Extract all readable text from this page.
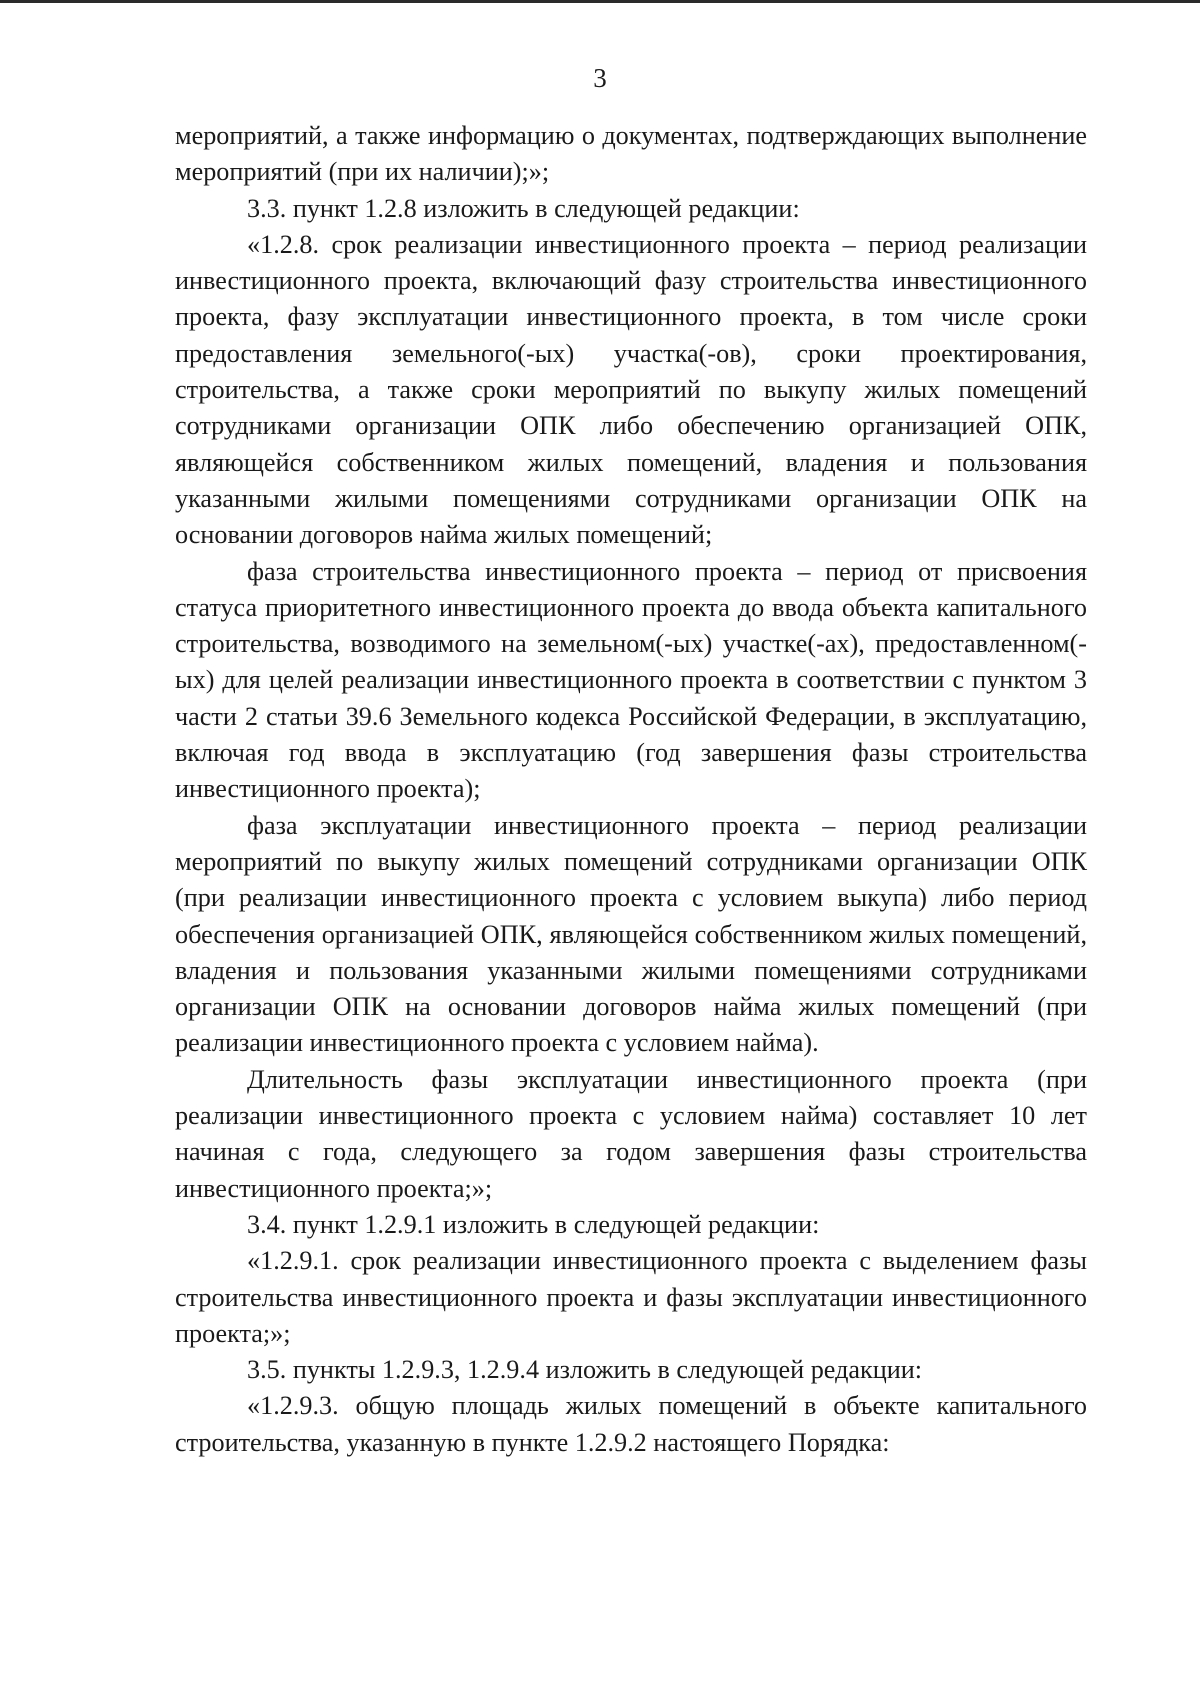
3

мероприятий, а также информацию о документах, подтверждающих выполнение мероприятий (при их наличии);»;

3.3. пункт 1.2.8 изложить в следующей редакции:

«1.2.8. срок реализации инвестиционного проекта – период реализации инвестиционного проекта, включающий фазу строительства инвестиционного проекта, фазу эксплуатации инвестиционного проекта, в том числе сроки предоставления земельного(-ых) участка(-ов), сроки проектирования, строительства, а также сроки мероприятий по выкупу жилых помещений сотрудниками организации ОПК либо обеспечению организацией ОПК, являющейся собственником жилых помещений, владения и пользования указанными жилыми помещениями сотрудниками организации ОПК на основании договоров найма жилых помещений;

фаза строительства инвестиционного проекта – период от присвоения статуса приоритетного инвестиционного проекта до ввода объекта капитального строительства, возводимого на земельном(-ых) участке(-ах), предоставленном(-ых) для целей реализации инвестиционного проекта в соответствии с пунктом 3 части 2 статьи 39.6 Земельного кодекса Российской Федерации, в эксплуатацию, включая год ввода в эксплуатацию (год завершения фазы строительства инвестиционного проекта);

фаза эксплуатации инвестиционного проекта – период реализации мероприятий по выкупу жилых помещений сотрудниками организации ОПК (при реализации инвестиционного проекта с условием выкупа) либо период обеспечения организацией ОПК, являющейся собственником жилых помещений, владения и пользования указанными жилыми помещениями сотрудниками организации ОПК на основании договоров найма жилых помещений (при реализации инвестиционного проекта с условием найма).

Длительность фазы эксплуатации инвестиционного проекта (при реализации инвестиционного проекта с условием найма) составляет 10 лет начиная с года, следующего за годом завершения фазы строительства инвестиционного проекта;»;

3.4. пункт 1.2.9.1 изложить в следующей редакции:

«1.2.9.1. срок реализации инвестиционного проекта с выделением фазы строительства инвестиционного проекта и фазы эксплуатации инвестиционного проекта;»;

3.5. пункты 1.2.9.3, 1.2.9.4 изложить в следующей редакции:

«1.2.9.3. общую площадь жилых помещений в объекте капитального строительства, указанную в пункте 1.2.9.2 настоящего Порядка:
